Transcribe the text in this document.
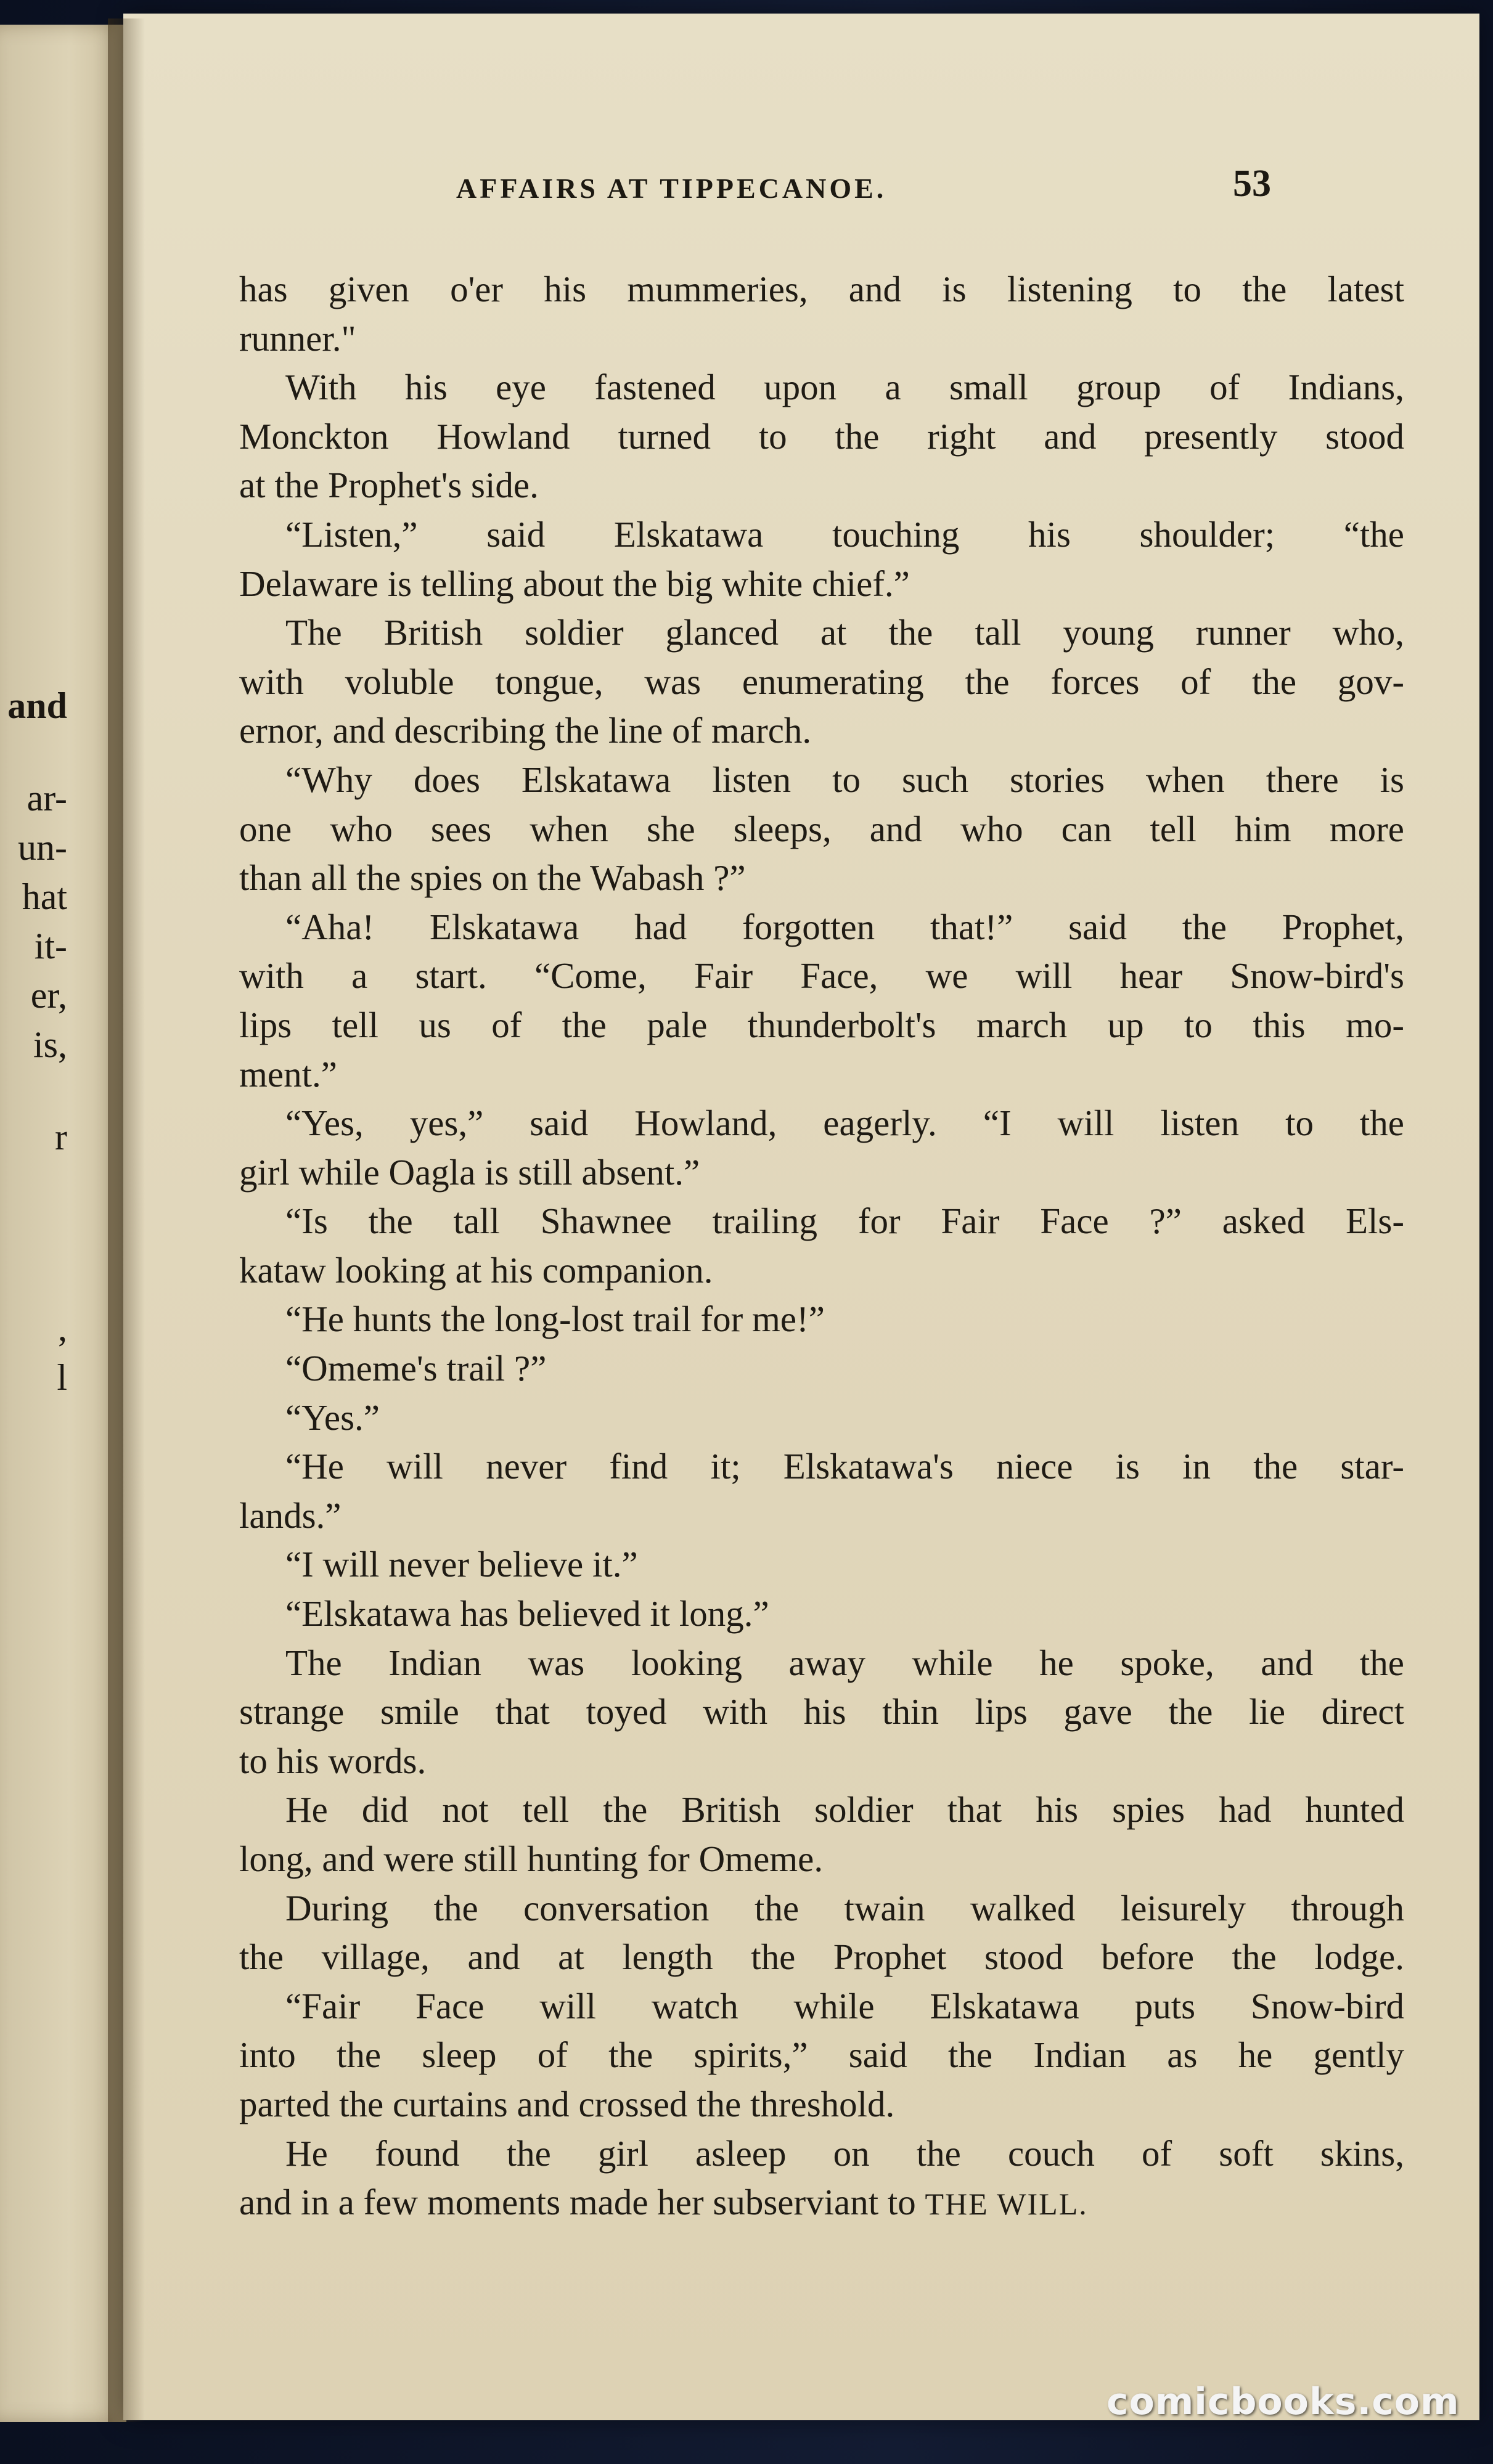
and
ar-
un-
hat
it-
er,
is,
r
,
l
AFFAIRS AT TIPPECANOE.	53
has given o'er his mummeries, and is listening to the latest
runner."
With his eye fastened upon a small group of Indians,
Monckton Howland turned to the right and presently stood
at the Prophet's side.
“Listen,” said Elskatawa touching his shoulder; “the
Delaware is telling about the big white chief.”
The British soldier glanced at the tall young runner who,
with voluble tongue, was enumerating the forces of the gov-
ernor, and describing the line of march.
“Why does Elskatawa listen to such stories when there is
one who sees when she sleeps, and who can tell him more
than all the spies on the Wabash ?”
“Aha! Elskatawa had forgotten that!” said the Prophet,
with a start. “Come, Fair Face, we will hear Snow-bird's
lips tell us of the pale thunderbolt's march up to this mo-
ment.”
“Yes, yes,” said Howland, eagerly. “I will listen to the
girl while Oagla is still absent.”
“Is the tall Shawnee trailing for Fair Face ?” asked Els-
kataw looking at his companion.
“He hunts the long-lost trail for me!”
“Omeme's trail ?”
“Yes.”
“He will never find it; Elskatawa's niece is in the star-
lands.”
“I will never believe it.”
“Elskatawa has believed it long.”
The Indian was looking away while he spoke, and the
strange smile that toyed with his thin lips gave the lie direct
to his words.
He did not tell the British soldier that his spies had hunted
long, and were still hunting for Omeme.
During the conversation the twain walked leisurely through
the village, and at length the Prophet stood before the lodge.
“Fair Face will watch while Elskatawa puts Snow-bird
into the sleep of the spirits,” said the Indian as he gently
parted the curtains and crossed the threshold.
He found the girl asleep on the couch of soft skins,
and in a few moments made her subserviant to THE WILL.
comicbooks.com
